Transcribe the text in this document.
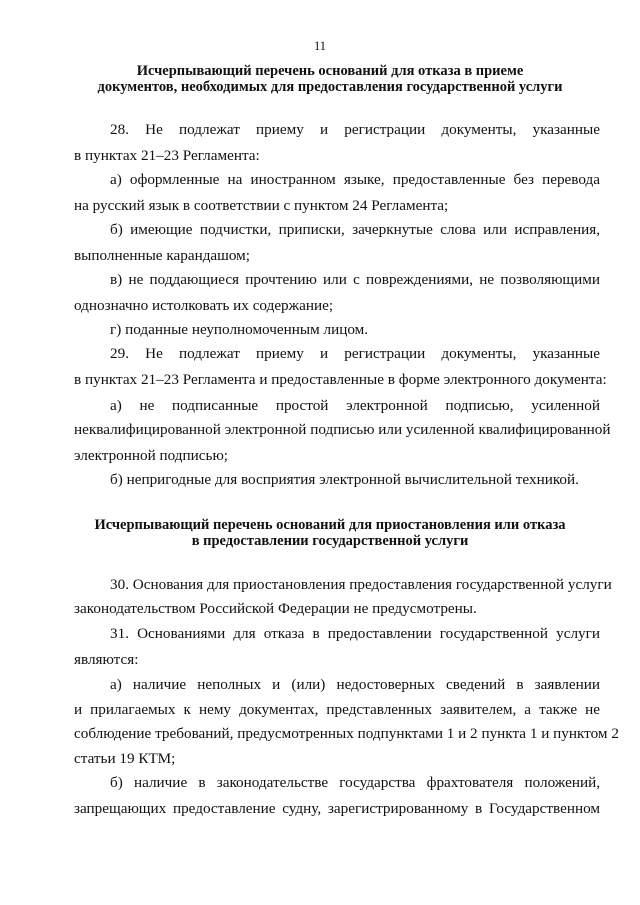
11
Исчерпывающий перечень оснований для отказа в приеме
документов, необходимых для предоставления государственной услуги
28. Не подлежат приему и регистрации документы, указанные
в пунктах 21–23 Регламента:
а) оформленные на иностранном языке, предоставленные без перевода
на русский язык в соответствии с пунктом 24 Регламента;
б) имеющие подчистки, приписки, зачеркнутые слова или исправления,
выполненные карандашом;
в) не поддающиеся прочтению или с повреждениями, не позволяющими
однозначно истолковать их содержание;
г) поданные неуполномоченным лицом.
29. Не подлежат приему и регистрации документы, указанные
в пунктах 21–23 Регламента и предоставленные в форме электронного документа:
а) не подписанные простой электронной подписью, усиленной
неквалифицированной электронной подписью или усиленной квалифицированной
электронной подписью;
б) непригодные для восприятия электронной вычислительной техникой.
Исчерпывающий перечень оснований для приостановления или отказа
в предоставлении государственной услуги
30. Основания для приостановления предоставления государственной услуги
законодательством Российской Федерации не предусмотрены.
31. Основаниями для отказа в предоставлении государственной услуги
являются:
а) наличие неполных и (или) недостоверных сведений в заявлении
и прилагаемых к нему документах, представленных заявителем, а также не
соблюдение требований, предусмотренных подпунктами 1 и 2 пункта 1 и пунктом 2
статьи 19 КТМ;
б) наличие в законодательстве государства фрахтователя положений,
запрещающих предоставление судну, зарегистрированному в Государственном
